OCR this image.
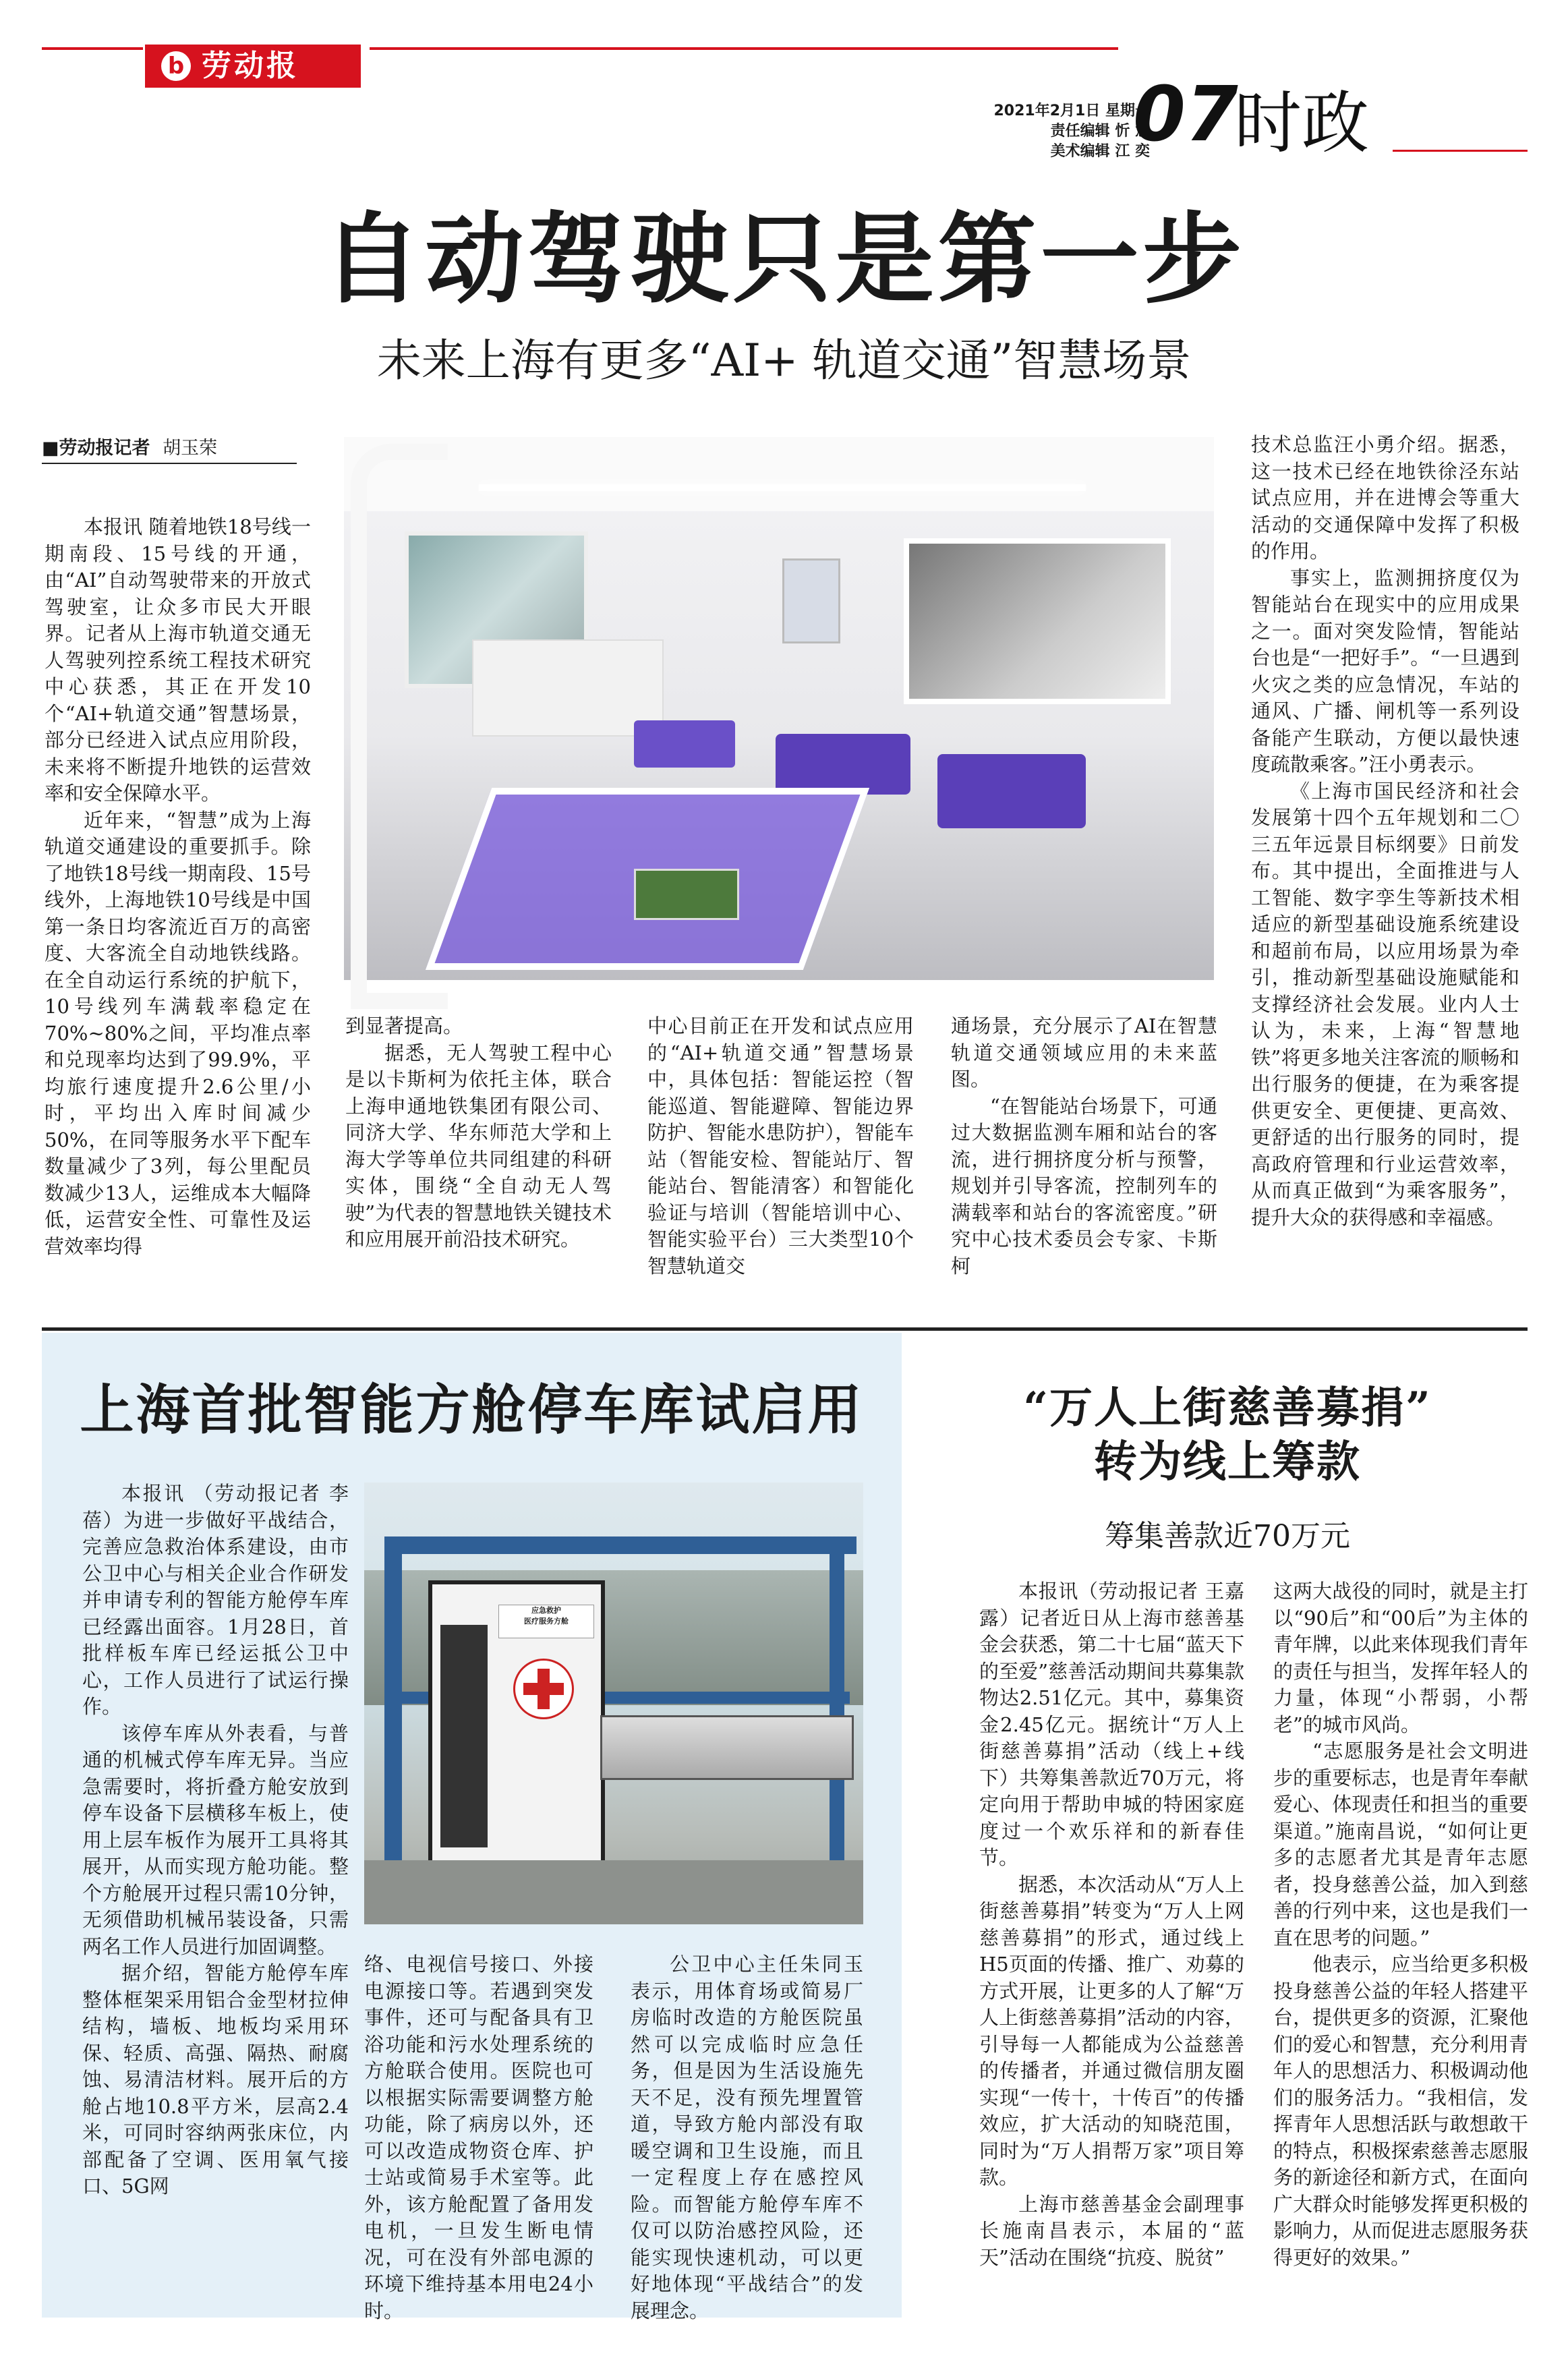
b 劳动报
2021年2月1日 星期一
责任编辑 忻 意
美术编辑 江 奕
07
时政
自动驾驶只是第一步
未来上海有更多“AI+ 轨道交通”智慧场景
■劳动报记者 胡玉荣

本报讯 随着地铁18号线一期南段、15号线的开通，由“AI”自动驾驶带来的开放式驾驶室，让众多市民大开眼界。记者从上海市轨道交通无人驾驶列控系统工程技术研究中心获悉，其正在开发10个“AI+轨道交通”智慧场景，部分已经进入试点应用阶段，未来将不断提升地铁的运营效率和安全保障水平。

近年来，“智慧”成为上海轨道交通建设的重要抓手。除了地铁18号线一期南段、15号线外，上海地铁10号线是中国第一条日均客流近百万的高密度、大客流全自动地铁线路。在全自动运行系统的护航下，10号线列车满载率稳定在70%~80%之间，平均准点率和兑现率均达到了99.9%，平均旅行速度提升2.6公里/小时，平均出入库时间减少50%，在同等服务水平下配车数量减少了3列，每公里配员数减少13人，运维成本大幅降低，运营安全性、可靠性及运营效率均得

到显著提高。

据悉，无人驾驶工程中心是以卡斯柯为依托主体，联合上海申通地铁集团有限公司、同济大学、华东师范大学和上海大学等单位共同组建的科研实体，围绕“全自动无人驾驶”为代表的智慧地铁关键技术和应用展开前沿技术研究。

中心目前正在开发和试点应用的“AI+轨道交通”智慧场景中，具体包括：智能运控（智能巡道、智能避障、智能边界防护、智能水患防护），智能车站（智能安检、智能站厅、智能站台、智能清客）和智能化验证与培训（智能培训中心、智能实验平台）三大类型10个智慧轨道交

通场景，充分展示了AI在智慧轨道交通领域应用的未来蓝图。

“在智能站台场景下，可通过大数据监测车厢和站台的客流，进行拥挤度分析与预警，规划并引导客流，控制列车的满载率和站台的客流密度。”研究中心技术委员会专家、卡斯柯

技术总监汪小勇介绍。据悉，这一技术已经在地铁徐泾东站试点应用，并在进博会等重大活动的交通保障中发挥了积极的作用。

事实上，监测拥挤度仅为智能站台在现实中的应用成果之一。面对突发险情，智能站台也是“一把好手”。“一旦遇到火灾之类的应急情况，车站的通风、广播、闸机等一系列设备能产生联动，方便以最快速度疏散乘客。”汪小勇表示。

《上海市国民经济和社会发展第十四个五年规划和二〇三五年远景目标纲要》日前发布。其中提出，全面推进与人工智能、数字孪生等新技术相适应的新型基础设施系统建设和超前布局，以应用场景为牵引，推动新型基础设施赋能和支撑经济社会发展。业内人士认为，未来，上海“智慧地铁”将更多地关注客流的顺畅和出行服务的便捷，在为乘客提供更安全、更便捷、更高效、更舒适的出行服务的同时，提高政府管理和行业运营效率，从而真正做到“为乘客服务”，提升大众的获得感和幸福感。

上海首批智能方舱停车库试启用

本报讯 （劳动报记者 李蓓）为进一步做好平战结合，完善应急救治体系建设，由市公卫中心与相关企业合作研发并申请专利的智能方舱停车库已经露出面容。1月28日，首批样板车库已经运抵公卫中心，工作人员进行了试运行操作。

该停车库从外表看，与普通的机械式停车库无异。当应急需要时，将折叠方舱安放到停车设备下层横移车板上，使用上层车板作为展开工具将其展开，从而实现方舱功能。整个方舱展开过程只需10分钟，无须借助机械吊装设备，只需两名工作人员进行加固调整。

据介绍，智能方舱停车库整体框架采用铝合金型材拉伸结构，墙板、地板均采用环保、轻质、高强、隔热、耐腐蚀、易清洁材料。展开后的方舱占地10.8平方米，层高2.4米，可同时容纳两张床位，内部配备了空调、医用氧气接口、5G网

应急救护
医疗服务方舱

络、电视信号接口、外接电源接口等。若遇到突发事件，还可与配备具有卫浴功能和污水处理系统的方舱联合使用。医院也可以根据实际需要调整方舱功能，除了病房以外，还可以改造成物资仓库、护士站或简易手术室等。此外，该方舱配置了备用发电机，一旦发生断电情况，可在没有外部电源的环境下维持基本用电24小时。

公卫中心主任朱同玉表示，用体育场或简易厂房临时改造的方舱医院虽然可以完成临时应急任务，但是因为生活设施先天不足，没有预先埋置管道，导致方舱内部没有取暖空调和卫生设施，而且一定程度上存在感控风险。而智能方舱停车库不仅可以防治感控风险，还能实现快速机动，可以更好地体现“平战结合”的发展理念。

“万人上街慈善募捐”
转为线上筹款
筹集善款近70万元

本报讯（劳动报记者 王嘉露）记者近日从上海市慈善基金会获悉，第二十七届“蓝天下的至爱”慈善活动期间共募集款物达2.51亿元。其中，募集资金2.45亿元。据统计“万人上街慈善募捐”活动（线上+线下）共筹集善款近70万元，将定向用于帮助申城的特困家庭度过一个欢乐祥和的新春佳节。

据悉，本次活动从“万人上街慈善募捐”转变为“万人上网慈善募捐”的形式，通过线上H5页面的传播、推广、劝募的方式开展，让更多的人了解“万人上街慈善募捐”活动的内容，引导每一人都能成为公益慈善的传播者，并通过微信朋友圈实现“一传十，十传百”的传播效应，扩大活动的知晓范围，同时为“万人捐帮万家”项目筹款。

上海市慈善基金会副理事长施南昌表示，本届的“蓝天”活动在围绕“抗疫、脱贫”

这两大战役的同时，就是主打以“90后”和“00后”为主体的青年牌，以此来体现我们青年的责任与担当，发挥年轻人的力量，体现“小帮弱，小帮老”的城市风尚。

“志愿服务是社会文明进步的重要标志，也是青年奉献爱心、体现责任和担当的重要渠道。”施南昌说，“如何让更多的志愿者尤其是青年志愿者，投身慈善公益，加入到慈善的行列中来，这也是我们一直在思考的问题。”

他表示，应当给更多积极投身慈善公益的年轻人搭建平台，提供更多的资源，汇聚他们的爱心和智慧，充分利用青年人的思想活力、积极调动他们的服务活力。“我相信，发挥青年人思想活跃与敢想敢干的特点，积极探索慈善志愿服务的新途径和新方式，在面向广大群众时能够发挥更积极的影响力，从而促进志愿服务获得更好的效果。”
